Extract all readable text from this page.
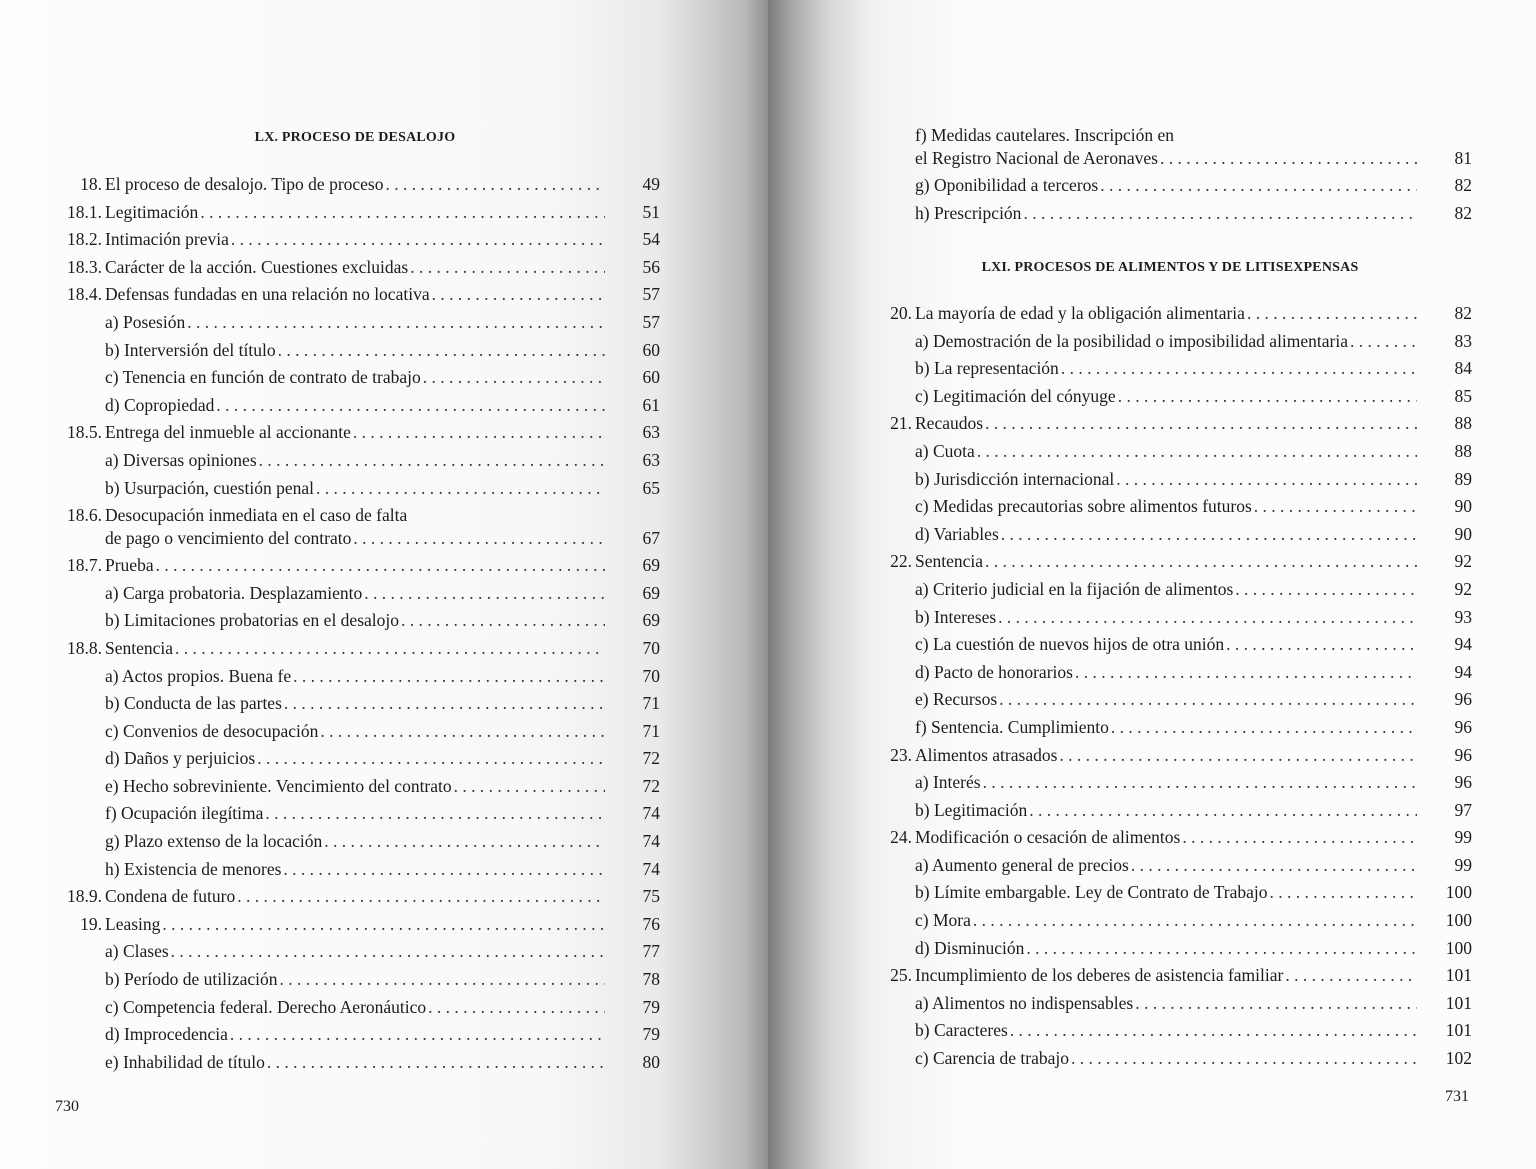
LX. PROCESO DE DESALOJO
18. El proceso de desalojo. Tipo de proceso . . .	49
18.1. Legitimación . . .	51
18.2. Intimación previa . . .	54
18.3. Carácter de la acción. Cuestiones excluidas . . .	56
18.4. Defensas fundadas en una relación no locativa . . .	57
a) Posesión . . .	57
b) Interversión del título . . .	60
c) Tenencia en función de contrato de trabajo . . .	60
d) Copropiedad . . .	61
18.5. Entrega del inmueble al accionante . . .	63
a) Diversas opiniones . . .	63
b) Usurpación, cuestión penal . . .	65
18.6. Desocupación inmediata en el caso de falta
de pago o vencimiento del contrato . . .	67
18.7. Prueba . . .	69
a) Carga probatoria. Desplazamiento . . .	69
b) Limitaciones probatorias en el desalojo . . .	69
18.8. Sentencia . . .	70
a) Actos propios. Buena fe . . .	70
b) Conducta de las partes . . .	71
c) Convenios de desocupación . . .	71
d) Daños y perjuicios . . .	72
e) Hecho sobreviniente. Vencimiento del contrato . . .	72
f) Ocupación ilegítima . . .	74
g) Plazo extenso de la locación . . .	74
h) Existencia de menores . . .	74
18.9. Condena de futuro . . .	75
19. Leasing . . .	76
a) Clases . . .	77
b) Período de utilización . . .	78
c) Competencia federal. Derecho Aeronáutico . . .	79
d) Improcedencia . . .	79
e) Inhabilidad de título . . .	80
730
f) Medidas cautelares. Inscripción en
el Registro Nacional de Aeronaves . . .	81
g) Oponibilidad a terceros . . .	82
h) Prescripción . . .	82
LXI. PROCESOS DE ALIMENTOS Y DE LITISEXPENSAS
20. La mayoría de edad y la obligación alimentaria . . .	82
a) Demostración de la posibilidad o imposibilidad alimentaria . . .	83
b) La representación . . .	84
c) Legitimación del cónyuge . . .	85
21. Recaudos . . .	88
a) Cuota . . .	88
b) Jurisdicción internacional . . .	89
c) Medidas precautorias sobre alimentos futuros . . .	90
d) Variables . . .	90
22. Sentencia . . .	92
a) Criterio judicial en la fijación de alimentos . . .	92
b) Intereses . . .	93
c) La cuestión de nuevos hijos de otra unión . . .	94
d) Pacto de honorarios . . .	94
e) Recursos . . .	96
f) Sentencia. Cumplimiento . . .	96
23. Alimentos atrasados . . .	96
a) Interés . . .	96
b) Legitimación . . .	97
24. Modificación o cesación de alimentos . . .	99
a) Aumento general de precios . . .	99
b) Límite embargable. Ley de Contrato de Trabajo . . .	100
c) Mora . . .	100
d) Disminución . . .	100
25. Incumplimiento de los deberes de asistencia familiar . . .	101
a) Alimentos no indispensables . . .	101
b) Caracteres . . .	101
c) Carencia de trabajo . . .	102
731
